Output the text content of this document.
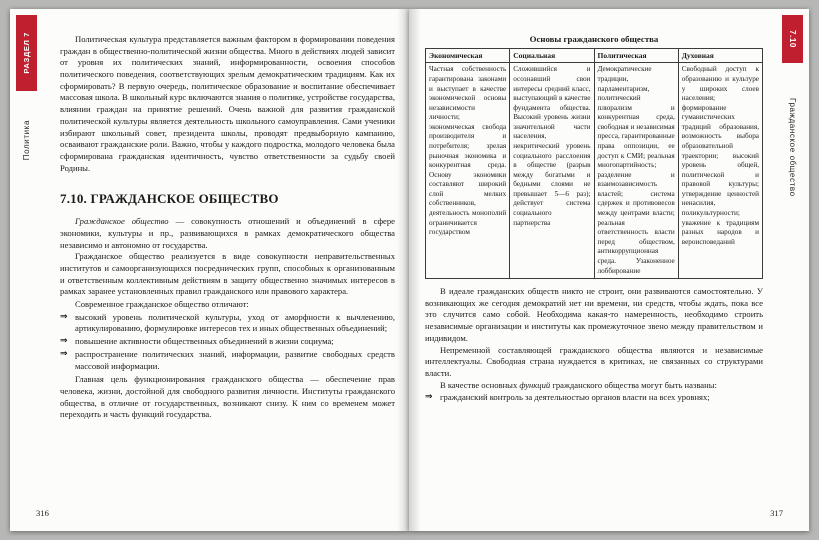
РАЗДЕЛ 7
Политика

Политическая культура представляется важным фактором в формировании поведения граждан в общественно-политической жизни общества. Много в действиях людей зависит от уровня их политических знаний, информированности, освоения способов политического поведения, соответствующих зрелым демократическим традициям. Как их сформировать? В первую очередь, политическое образование и воспитание обеспечивает массовая школа. В школьный курс включаются знания о политике, устройстве государства, влиянии граждан на принятие решений. Очень важной для развития гражданской политической культуры является деятельность школьного самоуправления. Сами ученики избирают школьный совет, президента школы, проводят предвыборную кампанию, осваивают гражданские роли. Важно, чтобы у каждого подростка, молодого человека была сформирована гражданская идентичность, чувство ответственности за судьбу своей Родины.

7.10. ГРАЖДАНСКОЕ ОБЩЕСТВО

Гражданское общество — совокупность отношений и объединений в сфере экономики, культуры и пр., развивающихся в рамках демократического общества независимо и автономно от государства.

Гражданское общество реализуется в виде совокупности неправительственных институтов и самоорганизующихся посреднических групп, способных к организованным и ответственным коллективным действиям в защиту общественно значимых интересов в рамках заранее установленных правил гражданского или правового характера.

Современное гражданское общество отличают:

⇒ высокий уровень политической культуры, уход от аморфности к вычленению, артикулированию, формулировке интересов тех и иных общественных объединений;
⇒ повышение активности общественных объединений в жизни социума;
⇒ распространение политических знаний, информации, развитие свободных средств массовой информации.

Главная цель функционирования гражданского общества — обеспечение прав человека, жизни, достойной для свободного развития личности. Институты гражданского общества, в отличие от государственных, возникают снизу. К ним со временем может переходить и часть функций государства.

316
7.10
Гражданское общество
Основы гражданского общества
Экономическая	Социальная	Политическая	Духовная
Частная собственность гарантирована законами и выступает в качестве экономической основы независимости личности; экономическая свобода производителя и потребителя; зрелая рыночная экономика и конкурентная среда. Основу экономики составляют широкий слой мелких собственников, деятельность монополий ограничивается государством	Сложившийся и осознавший свои интересы средний класс, выступающий в качестве фундамента общества. Высокий уровень жизни значительной части населения, некритический уровень социального расслоения в обществе (разрыв между богатыми и бедными слоями не превышает 5—6 раз); действует система социального партнерства	Демократические традиции, парламентаризм, политический плюрализм и конкурентная среда, свободная и независимая пресса, гарантированные права оппозиции, ее доступ к СМИ; реальная многопартийность; разделение и взаимозависимость властей; система сдержек и противовесов между центрами власти; реальная ответственность власти перед обществом, антикоррупционная среда. Узаконенное лоббирование	Свободный доступ к образованию и культуре у широких слоев населения; формирование гуманистических традиций образования, возможность выбора образовательной траектории; высокий уровень общей, политической и правовой культуры; утверждение ценностей ненасилия, поликультурности; уважение к традициям разных народов и вероисповеданий

В идеале гражданских обществ никто не строит, они развиваются самостоятельно. У возникающих же сегодня демократий нет ни времени, ни средств, чтобы ждать, пока все это случится само собой. Необходима какая-то намеренность, необходимо строить независимые организации и институты как промежуточное звено между правительством и индивидом.

Непременной составляющей гражданского общества являются и независимые интеллектуалы. Свободная страна нуждается в критиках, не связанных со структурами власти.

В качестве основных функций гражданского общества могут быть названы:

⇒ гражданский контроль за деятельностью органов власти на всех уровнях;
317
